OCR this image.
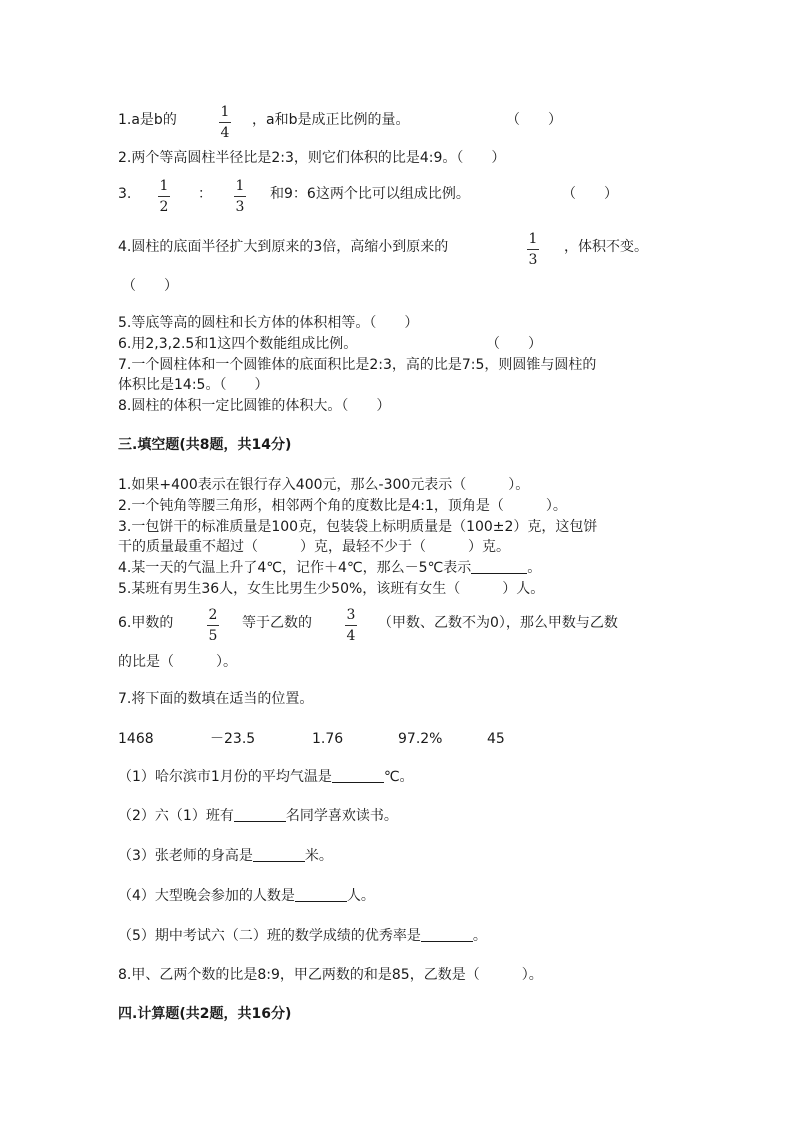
1.a是b的	1
4
，a和b是成正比例的量。	（　　）
2.两个等高圆柱半径比是2:3，则它们体积的比是4:9。（　　）
3. 1
2
： 1
3
和9：6这两个比可以组成比例。	（　　）
4.圆柱的底面半径扩大到原来的3倍，高缩小到原来的	1
3
，体积不变。
（　　）
5.等底等高的圆柱和长方体的体积相等。（　　）
6.用2,3,2.5和1这四个数能组成比例。	（　　）
7.一个圆柱体和一个圆锥体的底面积比是2:3，高的比是7:5，则圆锥与圆柱的
体积比是14:5。（　　）
8.圆柱的体积一定比圆锥的体积大。（　　）
三.填空题(共8题，共14分)
1.如果+400表示在银行存入400元，那么-300元表示（　　　）。
2.一个钝角等腰三角形，相邻两个角的度数比是4:1，顶角是（　　　）。
3.一包饼干的标准质量是100克，包装袋上标明质量是（100±2）克，这包饼
干的质量最重不超过（　　　）克，最轻不少于（　　　）克。
4.某一天的气温上升了4℃，记作＋4℃，那么－5℃表示	。
5.某班有男生36人，女生比男生少50%，该班有女生（　　　）人。
6.甲数的	2
5
等于乙数的 3
4
（甲数、乙数不为0），那么甲数与乙数
的比是（　　　）。
7.将下面的数填在适当的位置。
1468	－23.5	1.76	97.2%	45
（1）哈尔滨市1月份的平均气温是	℃。
（2）六（1）班有	名同学喜欢读书。
（3）张老师的身高是	米。
（4）大型晚会参加的人数是	人。
（5）期中考试六（二）班的数学成绩的优秀率是	。
8.甲、乙两个数的比是8:9，甲乙两数的和是85，乙数是（　　　）。
四.计算题(共2题，共16分)
